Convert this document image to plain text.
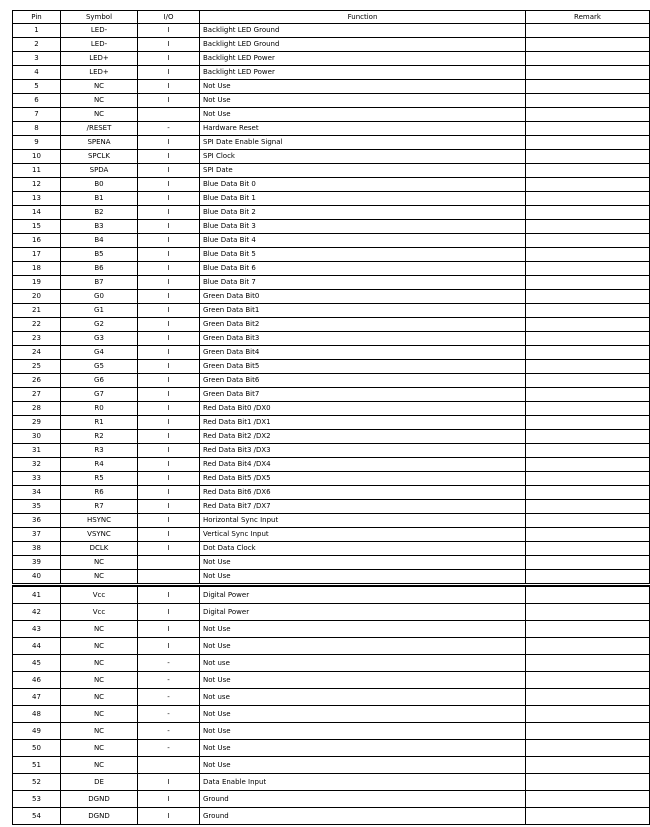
Pin	Symbol	I/O	Function	Remark
1	LED-	I	Backlight LED Ground	
2	LED-	I	Backlight LED Ground	
3	LED+	I	Backlight LED Power	
4	LED+	I	Backlight LED Power	
5	NC	I	Not Use	
6	NC	I	Not Use	
7	NC		Not Use	
8	/RESET	-	Hardware Reset	
9	SPENA	I	SPI Date Enable Signal	
10	SPCLK	I	SPI Clock	
11	SPDA	I	SPI Date	
12	B0	I	Blue Data Bit 0	
13	B1	I	Blue Data Bit 1	
14	B2	I	Blue Data Bit 2	
15	B3	I	Blue Data Bit 3	
16	B4	I	Blue Data Bit 4	
17	B5	I	Blue Data Bit 5	
18	B6	I	Blue Data Bit 6	
19	B7	I	Blue Data Bit 7	
20	G0	I	Green Data Bit0	
21	G1	I	Green Data Bit1	
22	G2	I	Green Data Bit2	
23	G3	I	Green Data Bit3	
24	G4	I	Green Data Bit4	
25	G5	I	Green Data Bit5	
26	G6	I	Green Data Bit6	
27	G7	I	Green Data Bit7	
28	R0	I	Red Data Bit0 /DX0	
29	R1	I	Red Data Bit1 /DX1	
30	R2	I	Red Data Bit2 /DX2	
31	R3	I	Red Data Bit3 /DX3	
32	R4	I	Red Data Bit4 /DX4	
33	R5	I	Red Data Bit5 /DX5	
34	R6	I	Red Data Bit6 /DX6	
35	R7	I	Red Data Bit7 /DX7	
36	HSYNC	I	Horizontal Sync Input	
37	VSYNC	I	Vertical Sync Input	
38	DCLK	I	Dot Data Clock	
39	NC		Not Use	
40	NC		Not Use	
41	Vcc	I	Digital Power	
42	Vcc	I	Digital Power	
43	NC	I	Not Use	
44	NC	I	Not Use	
45	NC	-	Not use	
46	NC	-	Not Use	
47	NC	-	Not use	
48	NC	-	Not Use	
49	NC	-	Not Use	
50	NC	-	Not Use	
51	NC		Not Use	
52	DE	I	Data Enable Input	
53	DGND	I	Ground	
54	DGND	I	Ground	
